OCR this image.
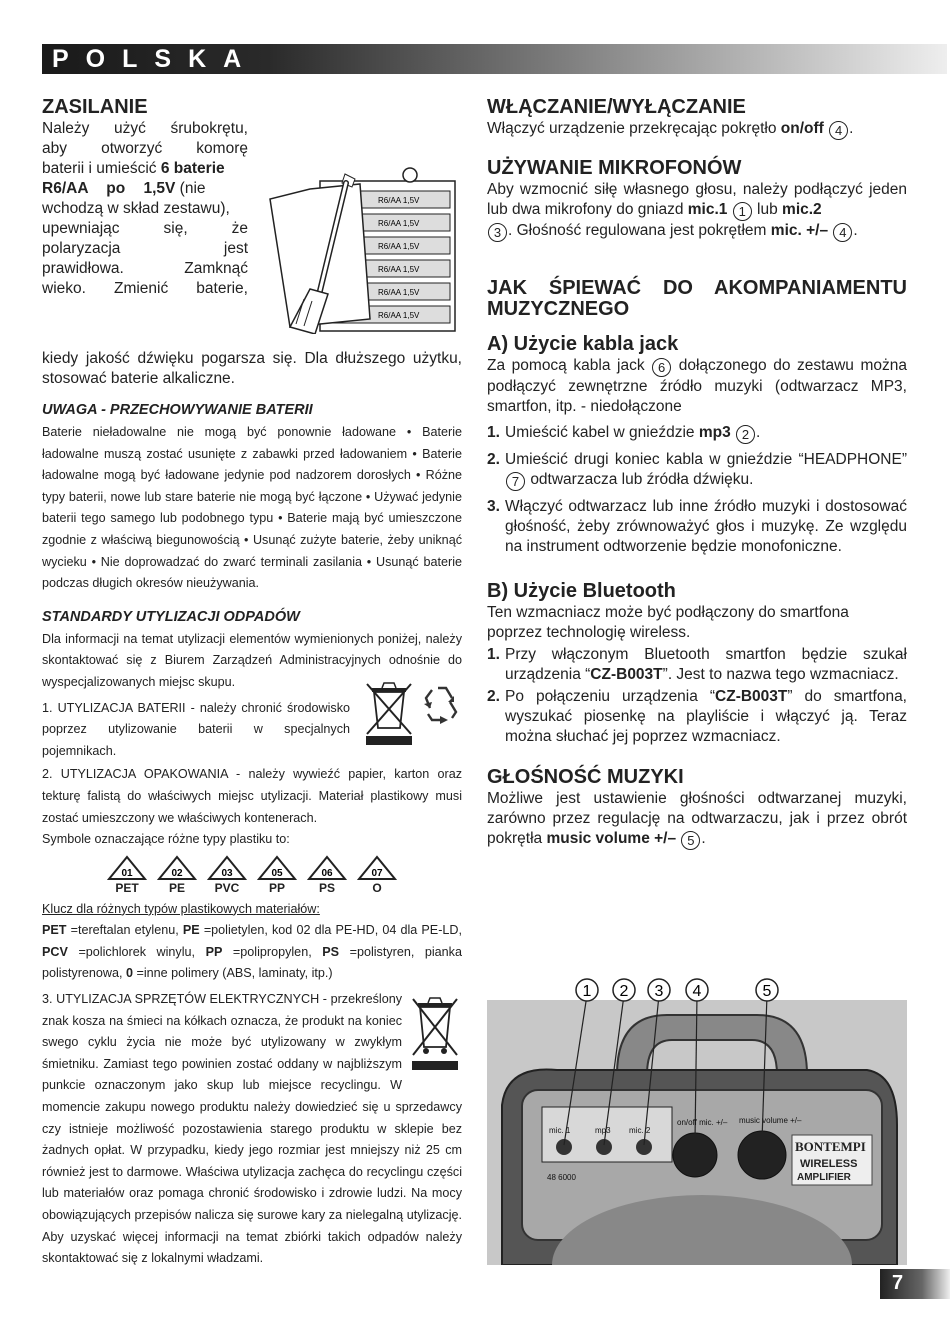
POLSKA
ZASILANIE
Należy użyć śrubokrętu,
aby otworzyć komorę
baterii i umieścić 6 baterie
R6/AA po 1,5V (nie
wchodzą w skład zestawu),
upewniając się, że
polaryzacja jest
prawidłowa. Zamknąć
wieko. Zmienić baterie,
R6/AA 1,5V
R6/AA 1,5V
R6/AA 1,5V
R6/AA 1,5V
R6/AA 1,5V
R6/AA 1,5V
kiedy jakość dźwięku pogarsza się. Dla dłuższego użytku, stosować baterie alkaliczne.

UWAGA - PRZECHOWYWANIE BATERII

Baterie nieładowalne nie mogą być ponownie ładowane • Baterie ładowalne muszą zostać usunięte z zabawki przed ładowaniem • Baterie ładowalne mogą być ładowane jedynie pod nadzorem dorosłych • Różne typy baterii, nowe lub stare baterie nie mogą być łączone • Używać jedynie baterii tego samego lub podobnego typu • Baterie mają być umieszczone zgodnie z właściwą biegunowością • Usunąć zużyte baterie, żeby uniknąć wycieku • Nie doprowadzać do zwarć terminali zasilania • Usunąć baterie podczas długich okresów nieużywania.

STANDARDY UTYLIZACJI ODPADÓW

Dla informacji na temat utylizacji elementów wymienionych poniżej, należy skontaktować się z Biurem Zarządzeń Administracyjnych odnośnie do wyspecjalizowanych miejsc skupu.
1. UTYLIZACJA BATERII - należy chronić środowisko poprzez utylizowanie baterii w specjalnych pojemnikach.
2. UTYLIZACJA OPAKOWANIA - należy wywieźć papier, karton oraz tekturę falistą do właściwych miejsc utylizacji. Materiał plastikowy musi zostać umieszczony we właściwych kontenerach.
Symbole oznaczające różne typy plastiku to:
01
PET
02
PE
03
PVC
05
PP
06
PS
07
O
Klucz dla różnych typów plastikowych materiałów:
PET =tereftalan etylenu, PE =polietylen, kod 02 dla PE-HD, 04 dla PE-LD, PCV =polichlorek winylu, PP =polipropylen, PS =polistyren, pianka polistyrenowa, 0 =inne polimery (ABS, laminaty, itp.)
3. UTYLIZACJA SPRZĘTÓW ELEKTRYCZNYCH - przekreślony znak kosza na śmieci na kółkach oznacza, że produkt na koniec swego cyklu życia nie może być utylizowany w zwykłym śmietniku. Zamiast tego powinien zostać oddany w najbliższym punkcie oznaczonym jako skup lub miejsce recyclingu. W momencie zakupu nowego produktu należy dowiedzieć się u sprzedawcy czy istnieje możliwość pozostawienia starego produktu w sklepie bez żadnych opłat. W przypadku, kiedy jego rozmiar jest mniejszy niż 25 cm również jest to darmowe. Właściwa utylizacja zachęca do recyclingu części lub materiałów oraz pomaga chronić środowisko i zdrowie ludzi. Na mocy obowiązujących przepisów nalicza się surowe kary za nielegalną utylizację. Aby uzyskać więcej informacji na temat zbiórki takich odpadów należy skontaktować się z lokalnymi władzami.
WŁĄCZANIE/WYŁĄCZANIE
Włączyć urządzenie przekręcając pokrętło on/off 4 .
UŻYWANIE MIKROFONÓW
Aby wzmocnić siłę własnego głosu, należy podłączyć jeden lub dwa mikrofony do gniazd mic.1 1 lub mic.2
3 . Głośność regulowana jest pokrętłem mic. +/– 4 .
JAK ŚPIEWAĆ DO AKOMPANIAMENTU MUZYCZNEGO
A) Użycie kabla jack
Za pomocą kabla jack 6 dołączonego do zestawu można podłączyć zewnętrzne źródło muzyki (odtwarzacz MP3, smartfon, itp. - niedołączone
1. Umieścić kabel w gnieździe mp3 2 .
2. Umieścić drugi koniec kabla w gnieździe “HEADPHONE”7 odtwarzacza lub źródła dźwięku.
3. Włączyć odtwarzacz lub inne źródło muzyki i dostosować głośność, żeby zrównoważyć głos i muzykę. Ze względu na instrument odtworzenie będzie monofoniczne.
B) Użycie Bluetooth
Ten wzmacniacz może być podłączony do smartfona poprzez technologię wireless.
1. Przy włączonym Bluetooth smartfon będzie szukał urządzenia “CZ-B003T”. Jest to nazwa tego wzmacniacz.
2. Po połączeniu urządzenia “CZ-B003T” do smartfona, wyszukać piosenkę na playliście i włączyć ją. Teraz można słuchać jej poprzez wzmacniacz.
GŁOŚNOŚĆ MUZYKI
Możliwe jest ustawienie głośności odtwarzanej muzyki, zarówno przez regulację na odtwarzaczu, jak i przez obrót pokrętła music volume +/– 5 .
1 2 3 4	5
mic. 1	mp3 mic. 2
on/off mic. +/– music volume +/–
BONTEMPI
WIRELESS
AMPLIFIER
48 6000
7
